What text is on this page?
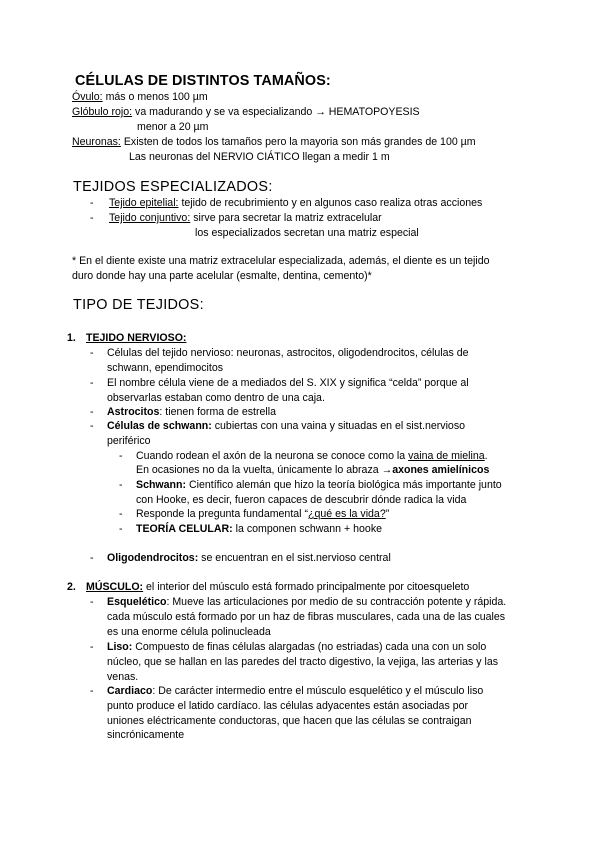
CÉLULAS DE DISTINTOS TAMAÑOS:
Óvulo: más o menos 100 µm
Glóbulo rojo: va madurando y se va especializando → HEMATOPOYESIS
menor a 20 µm
Neuronas: Existen de todos los tamaños pero la mayoria son más grandes de 100 µm
Las neuronas del NERVIO CIÁTICO llegan a medir 1 m
TEJIDOS ESPECIALIZADOS:
- Tejido epitelial: tejido de recubrimiento y en algunos caso realiza otras acciones
- Tejido conjuntivo: sirve para secretar la matriz extracelular
los especializados secretan una matriz especial
* En el diente existe una matriz extracelular especializada, además, el diente es un tejido
duro donde hay una parte acelular (esmalte, dentina, cemento)*
TIPO DE TEJIDOS:
1. TEJIDO NERVIOSO:
- Células del tejido nervioso: neuronas, astrocitos, oligodendrocitos, células de
schwann, ependimocitos
- El nombre célula viene de a mediados del S. XIX y significa “celda” porque al
observarlas estaban como dentro de una caja.
- Astrocitos: tienen forma de estrella
- Células de schwann: cubiertas con una vaina y situadas en el sist.nervioso
periférico
- Cuando rodean el axón de la neurona se conoce como la vaina de mielina.
En ocasiones no da la vuelta, únicamente lo abraza →axones amielínicos
- Schwann: Científico alemán que hizo la teoría biológica más importante junto
con Hooke, es decir, fueron capaces de descubrir dónde radica la vida
- Responde la pregunta fundamental “¿qué es la vida?”
- TEORÍA CELULAR: la componen schwann + hooke
- Oligodendrocitos: se encuentran en el sist.nervioso central
2. MÚSCULO: el interior del músculo está formado principalmente por citoesqueleto
- Esquelético: Mueve las articulaciones por medio de su contracción potente y rápida.
cada músculo está formado por un haz de fibras musculares, cada una de las cuales
es una enorme célula polinucleada
- Liso: Compuesto de finas células alargadas (no estriadas) cada una con un solo
núcleo, que se hallan en las paredes del tracto digestivo, la vejiga, las arterias y las
venas.
- Cardiaco: De carácter intermedio entre el músculo esquelético y el músculo liso
punto produce el latido cardíaco. las células adyacentes están asociadas por
uniones eléctricamente conductoras, que hacen que las células se contraigan
sincrónicamente
